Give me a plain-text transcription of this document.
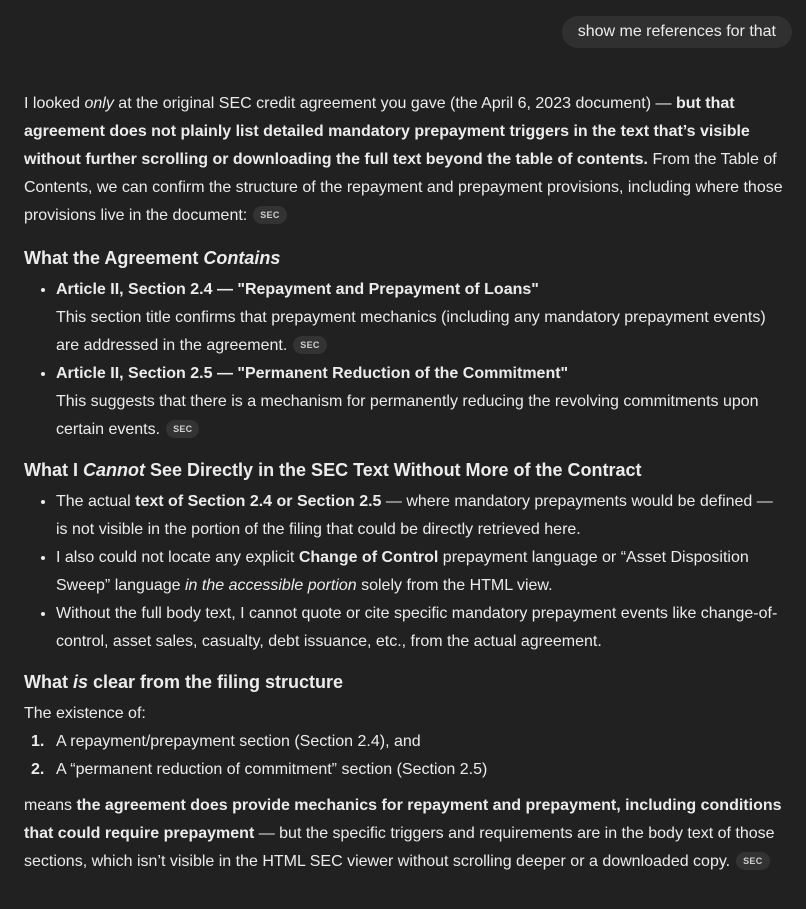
show me references for that

I looked only at the original SEC credit agreement you gave (the April 6, 2023 document) — but that agreement does not plainly list detailed mandatory prepayment triggers in the text that’s visible without further scrolling or downloading the full text beyond the table of contents. From the Table of Contents, we can confirm the structure of the repayment and prepayment provisions, including where those provisions live in the document: SEC

What the Agreement Contains
• Article II, Section 2.4 — "Repayment and Prepayment of Loans"
This section title confirms that prepayment mechanics (including any mandatory prepayment events) are addressed in the agreement. SEC
• Article II, Section 2.5 — "Permanent Reduction of the Commitment"
This suggests that there is a mechanism for permanently reducing the revolving commitments upon certain events. SEC
What I Cannot See Directly in the SEC Text Without More of the Contract
• The actual text of Section 2.4 or Section 2.5 — where mandatory prepayments would be defined — is not visible in the portion of the filing that could be directly retrieved here.
• I also could not locate any explicit Change of Control prepayment language or “Asset Disposition Sweep” language in the accessible portion solely from the HTML view.
• Without the full body text, I cannot quote or cite specific mandatory prepayment events like change-of-control, asset sales, casualty, debt issuance, etc., from the actual agreement.
What is clear from the filing structure

The existence of:

1. A repayment/prepayment section (Section 2.4), and
2. A “permanent reduction of commitment” section (Section 2.5)

means the agreement does provide mechanics for repayment and prepayment, including conditions that could require prepayment — but the specific triggers and requirements are in the body text of those sections, which isn’t visible in the HTML SEC viewer without scrolling deeper or a downloaded copy. SEC
